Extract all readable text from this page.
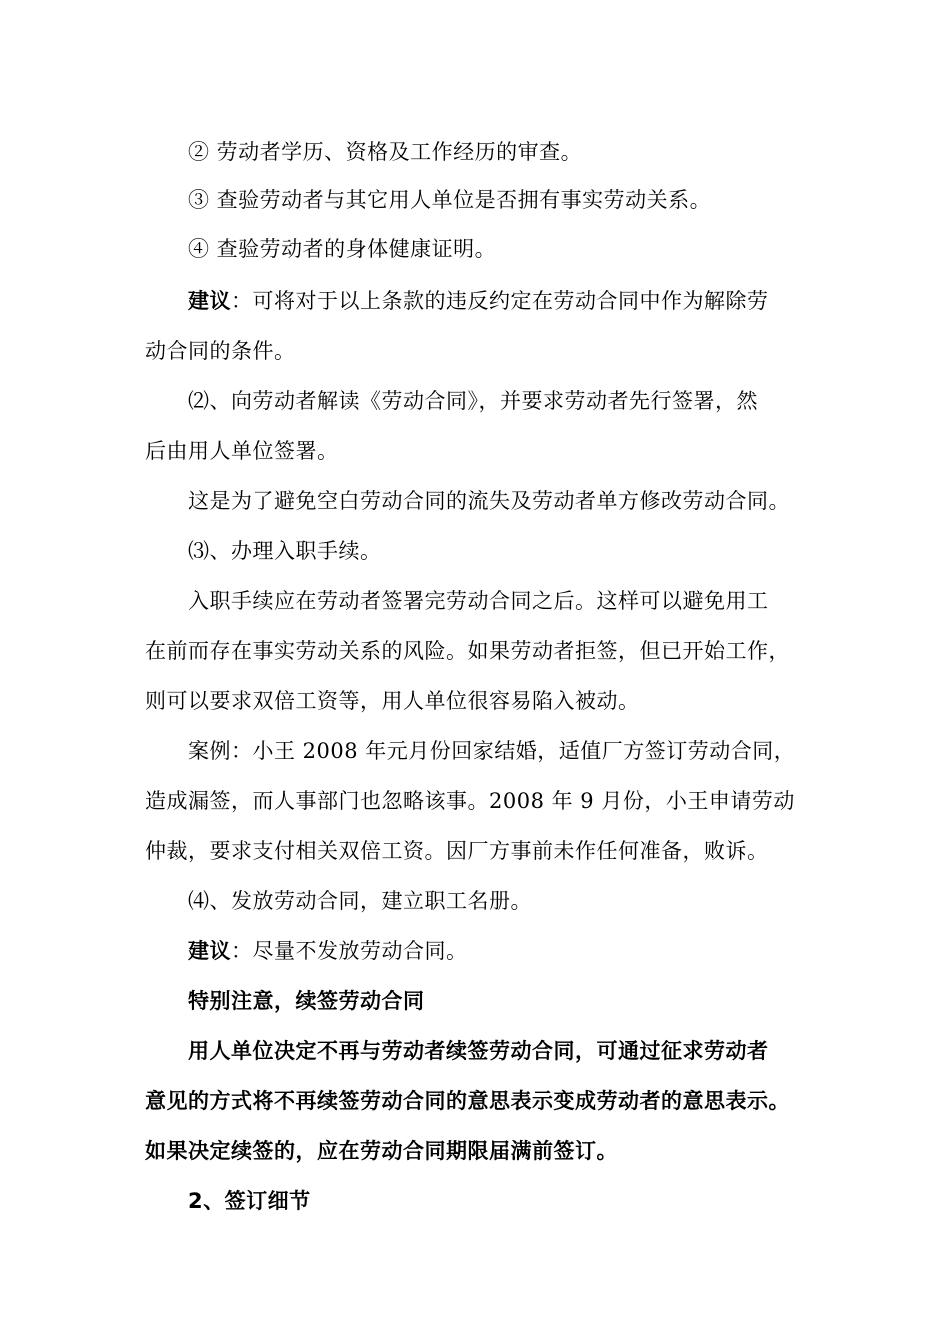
② 劳动者学历、资格及工作经历的审查。
③ 查验劳动者与其它用人单位是否拥有事实劳动关系。
④ 查验劳动者的身体健康证明。
建议：可将对于以上条款的违反约定在劳动合同中作为解除劳
动合同的条件。
⑵、向劳动者解读《劳动合同》，并要求劳动者先行签署，然
后由用人单位签署。
这是为了避免空白劳动合同的流失及劳动者单方修改劳动合同。
⑶、办理入职手续。
入职手续应在劳动者签署完劳动合同之后。这样可以避免用工
在前而存在事实劳动关系的风险。如果劳动者拒签，但已开始工作，
则可以要求双倍工资等，用人单位很容易陷入被动。
案例：小王 2008 年元月份回家结婚，适值厂方签订劳动合同，
造成漏签，而人事部门也忽略该事。2008 年 9 月份，小王申请劳动
仲裁，要求支付相关双倍工资。因厂方事前未作任何准备，败诉。
⑷、发放劳动合同，建立职工名册。
建议：尽量不发放劳动合同。
特别注意，续签劳动合同
用人单位决定不再与劳动者续签劳动合同，可通过征求劳动者
意见的方式将不再续签劳动合同的意思表示变成劳动者的意思表示。
如果决定续签的，应在劳动合同期限届满前签订。
2、签订细节
